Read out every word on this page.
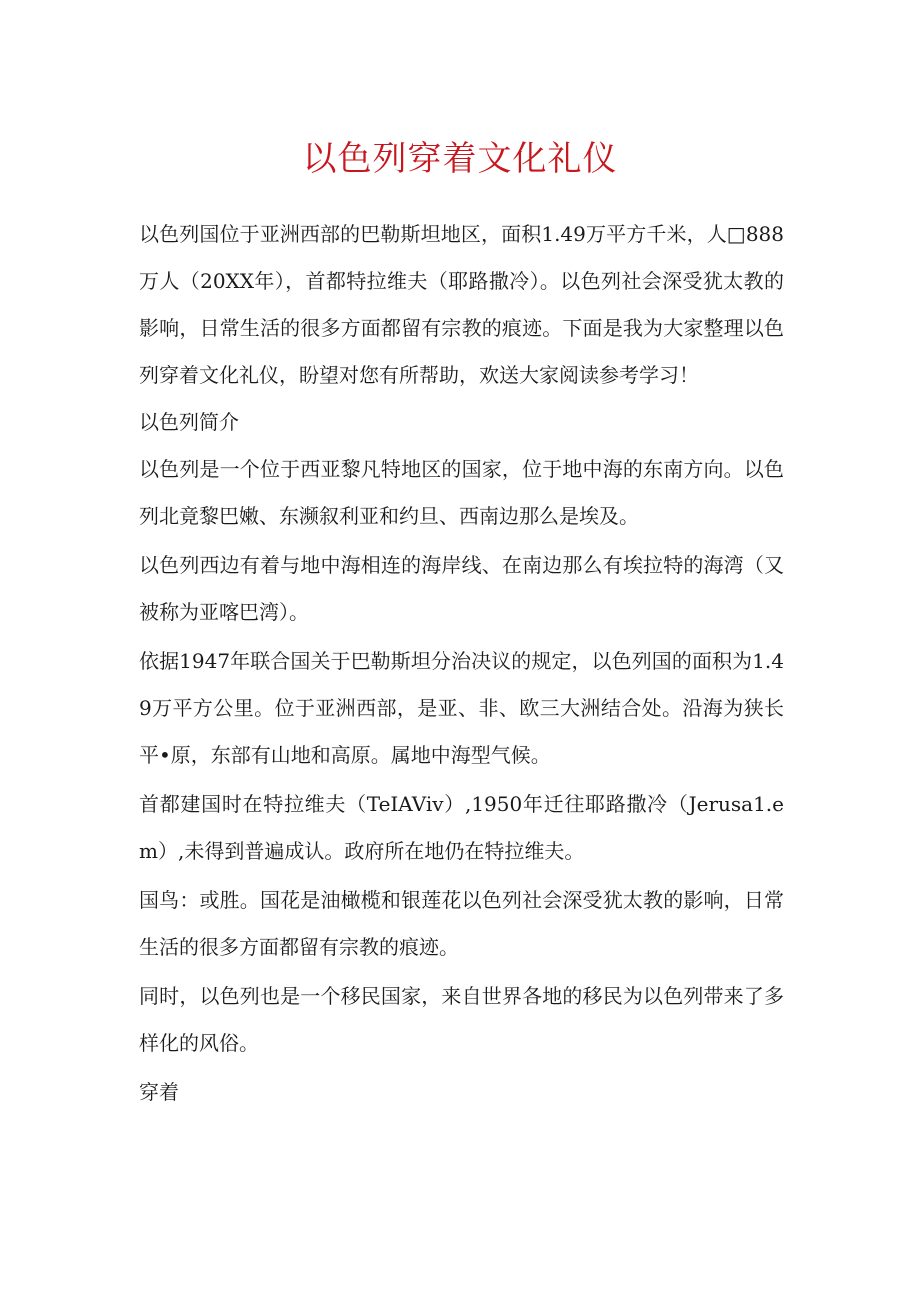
以色列穿着文化礼仪

以色列国位于亚洲西部的巴勒斯坦地区，面积1.49万平方千米，人□888万人（20XX年），首都特拉维夫（耶路撒冷）。以色列社会深受犹太教的影响，日常生活的很多方面都留有宗教的痕迹。下面是我为大家整理以色列穿着文化礼仪，盼望对您有所帮助，欢送大家阅读参考学习！

以色列简介

以色列是一个位于西亚黎凡特地区的国家，位于地中海的东南方向。以色列北竟黎巴嫩、东濒叙利亚和约旦、西南边那么是埃及。

以色列西边有着与地中海相连的海岸线、在南边那么有埃拉特的海湾（又被称为亚喀巴湾）。

依据1947年联合国关于巴勒斯坦分治决议的规定，以色列国的面积为1.49万平方公里。位于亚洲西部，是亚、非、欧三大洲结合处。沿海为狭长平•原，东部有山地和高原。属地中海型气候。

首都建国时在特拉维夫（TeIAViv）,1950年迁往耶路撒冷（Jerusa1.em）,未得到普遍成认。政府所在地仍在特拉维夫。

国鸟：或胜。国花是油橄榄和银莲花以色列社会深受犹太教的影响，日常生活的很多方面都留有宗教的痕迹。

同时，以色列也是一个移民国家，来自世界各地的移民为以色列带来了多样化的风俗。

穿着
